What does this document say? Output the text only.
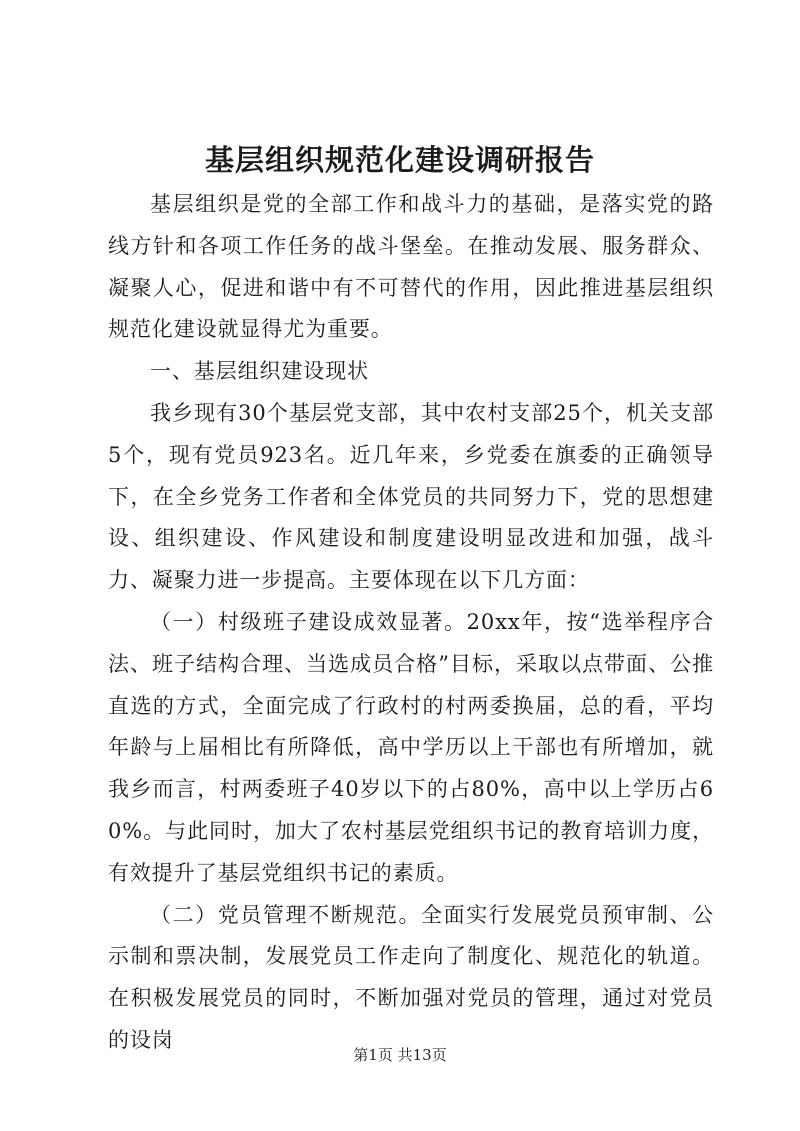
基层组织规范化建设调研报告

基层组织是党的全部工作和战斗力的基础，是落实党的路线方针和各项工作任务的战斗堡垒。在推动发展、服务群众、凝聚人心，促进和谐中有不可替代的作用，因此推进基层组织规范化建设就显得尤为重要。

一、基层组织建设现状

我乡现有30个基层党支部，其中农村支部25个，机关支部5个，现有党员923名。近几年来，乡党委在旗委的正确领导下，在全乡党务工作者和全体党员的共同努力下，党的思想建设、组织建设、作风建设和制度建设明显改进和加强，战斗力、凝聚力进一步提高。主要体现在以下几方面：

（一）村级班子建设成效显著。20xx年，按“选举程序合法、班子结构合理、当选成员合格”目标，采取以点带面、公推直选的方式，全面完成了行政村的村两委换届，总的看，平均年龄与上届相比有所降低，高中学历以上干部也有所增加，就我乡而言，村两委班子40岁以下的占80%，高中以上学历占60%。与此同时，加大了农村基层党组织书记的教育培训力度，有效提升了基层党组织书记的素质。

（二）党员管理不断规范。全面实行发展党员预审制、公示制和票决制，发展党员工作走向了制度化、规范化的轨道。在积极发展党员的同时，不断加强对党员的管理，通过对党员的设岗

第1页 共13页
